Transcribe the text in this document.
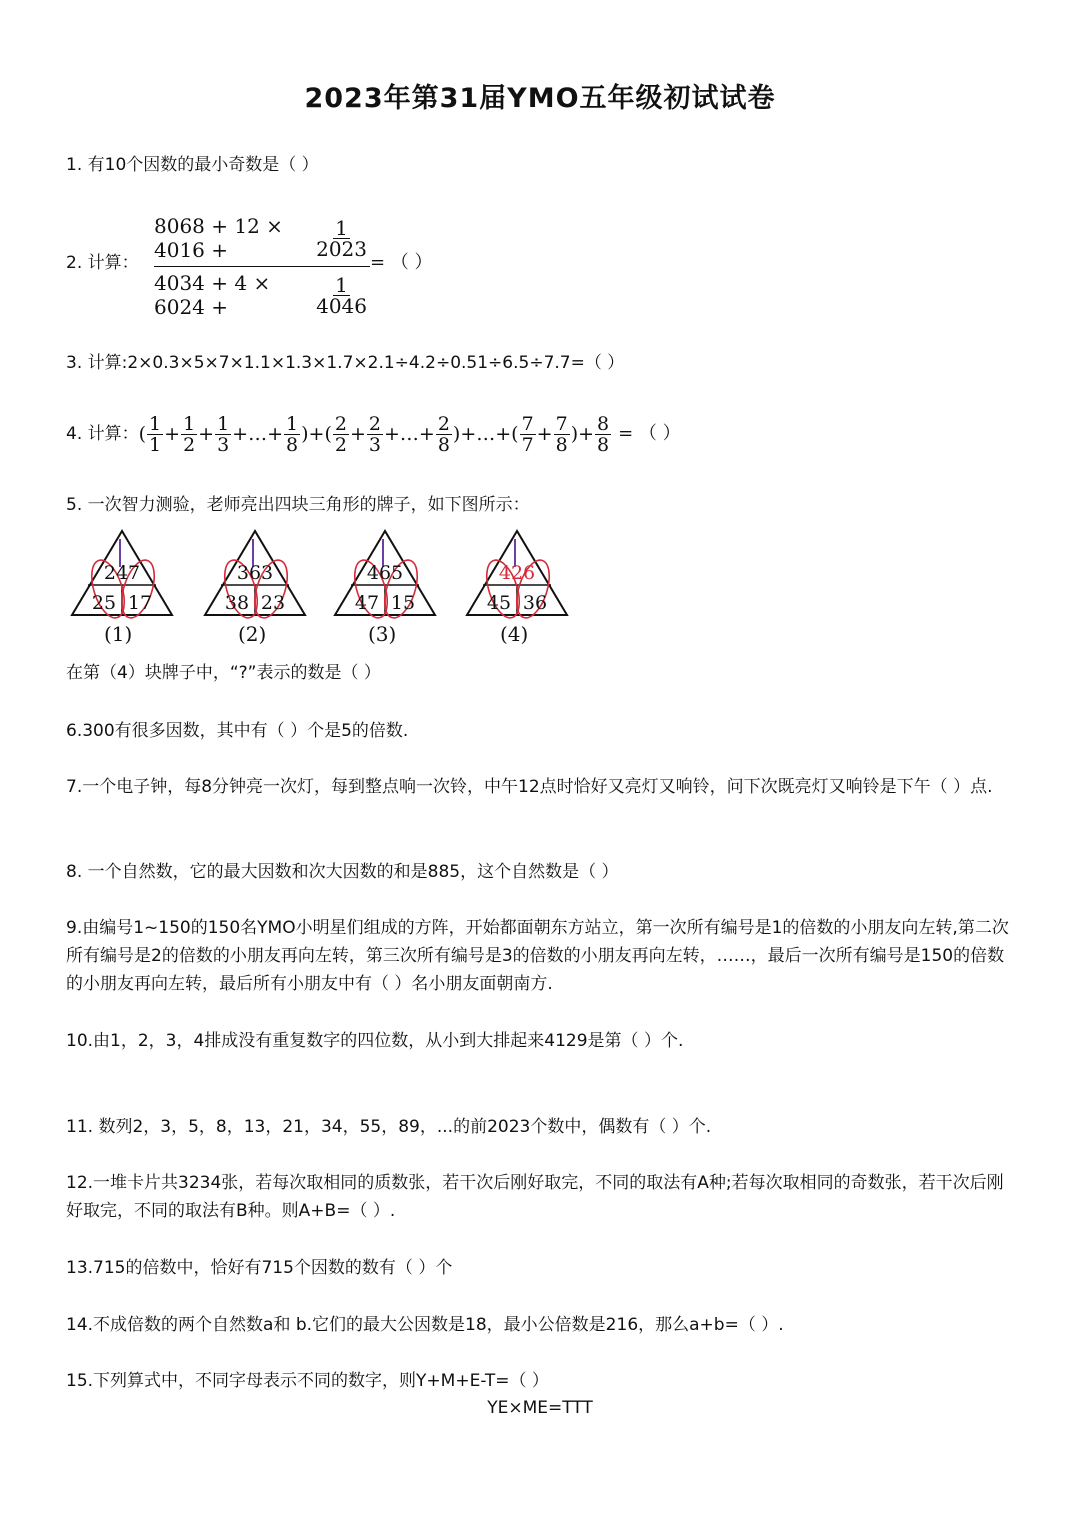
2023年第31届YMO五年级初试试卷
1. 有10个因数的最小奇数是（ ）
2. 计算：
8068 + 12 × 4016 +	$\frac{1}{2023}$
4034 + 4 × 6024 +	$\frac{1}{4046}$
= （ ）
3. 计算:2×0.3×5×7×1.1×1.3×1.7×2.1÷4.2÷0.51÷6.5÷7.7=（ ）
4. 计算： ( $\frac{1}{1} + \frac{1}{2} + \frac{1}{3}$ +…+ $\frac{1}{8}$ )+( $\frac{2}{2} + \frac{2}{3}$ +…+ $\frac{2}{8}$ )+…+( $\frac{7}{7} + \frac{7}{8}$ )+ $\frac{8}{8}$ = （ ）
5. 一次智力测验，老师亮出四块三角形的牌子，如下图所示：
247
25 17
363
38 23
465
47 15
426
45 36
(1)	(2)	(3)	(4)
在第（4）块牌子中，“?”表示的数是（ ）
6.300有很多因数，其中有（ ）个是5的倍数.
7.一个电子钟，每8分钟亮一次灯，每到整点响一次铃，中午12点时恰好又亮灯又响铃，问下次既亮灯又响铃是下午（ ）点.
8. 一个自然数，它的最大因数和次大因数的和是885，这个自然数是（ ）
9.由编号1~150的150名YMO小明星们组成的方阵，开始都面朝东方站立，第一次所有编号是1的倍数的小朋友向左转,第二次所有编号是2的倍数的小朋友再向左转，第三次所有编号是3的倍数的小朋友再向左转，……，最后一次所有编号是150的倍数的小朋友再向左转，最后所有小朋友中有（ ）名小朋友面朝南方.
10.由1，2，3，4排成没有重复数字的四位数，从小到大排起来4129是第（ ）个.
11. 数列2，3，5，8，13，21，34，55，89，...的前2023个数中，偶数有（ ）个.
12.一堆卡片共3234张，若每次取相同的质数张，若干次后刚好取完，不同的取法有A种;若每次取相同的奇数张，若干次后刚好取完，不同的取法有B种。则A+B=（ ）.
13.715的倍数中，恰好有715个因数的数有（ ）个
14.不成倍数的两个自然数a和 b.它们的最大公因数是18，最小公倍数是216，那么a+b=（ ）.
15.下列算式中，不同字母表示不同的数字，则Y+M+E-T=（ ）
YE×ME=TTT
